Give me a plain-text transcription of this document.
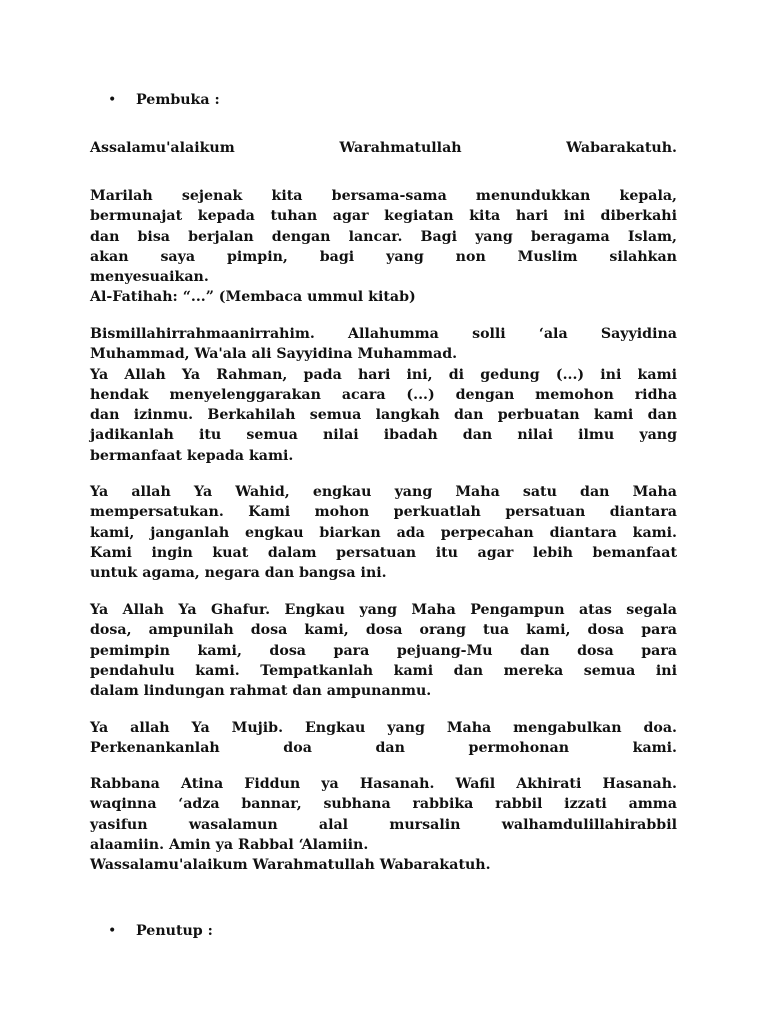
•	Pembuka :
Assalamu'alaikum Warahmatullah Wabarakatuh.
Marilah sejenak kita bersama-sama menundukkan kepala,
bermunajat kepada tuhan agar kegiatan kita hari ini diberkahi
dan bisa berjalan dengan lancar. Bagi yang beragama Islam,
akan saya pimpin, bagi yang non Muslim silahkan
menyesuaikan.
Al-Fatihah: “...” (Membaca ummul kitab)
Bismillahirrahmaanirrahim. Allahumma solli ‘ala Sayyidina
Muhammad, Wa'ala ali Sayyidina Muhammad.
Ya Allah Ya Rahman, pada hari ini, di gedung (...) ini kami
hendak menyelenggarakan acara (...) dengan memohon ridha
dan izinmu. Berkahilah semua langkah dan perbuatan kami dan
jadikanlah itu semua nilai ibadah dan nilai ilmu yang
bermanfaat kepada kami.
Ya allah Ya Wahid, engkau yang Maha satu dan Maha
mempersatukan. Kami mohon perkuatlah persatuan diantara
kami, janganlah engkau biarkan ada perpecahan diantara kami.
Kami ingin kuat dalam persatuan itu agar lebih bemanfaat
untuk agama, negara dan bangsa ini.
Ya Allah Ya Ghafur. Engkau yang Maha Pengampun atas segala
dosa, ampunilah dosa kami, dosa orang tua kami, dosa para
pemimpin kami, dosa para pejuang-Mu dan dosa para
pendahulu kami. Tempatkanlah kami dan mereka semua ini
dalam lindungan rahmat dan ampunanmu.
Ya allah Ya Mujib. Engkau yang Maha mengabulkan doa.
Perkenankanlah doa dan permohonan kami.
Rabbana Atina Fiddun ya Hasanah. Wafil Akhirati Hasanah.
waqinna ‘adza bannar, subhana rabbika rabbil izzati amma
yasifun wasalamun alal mursalin walhamdulillahirabbil
alaamiin. Amin ya Rabbal ‘Alamiin.
Wassalamu'alaikum Warahmatullah Wabarakatuh.
•	Penutup :
